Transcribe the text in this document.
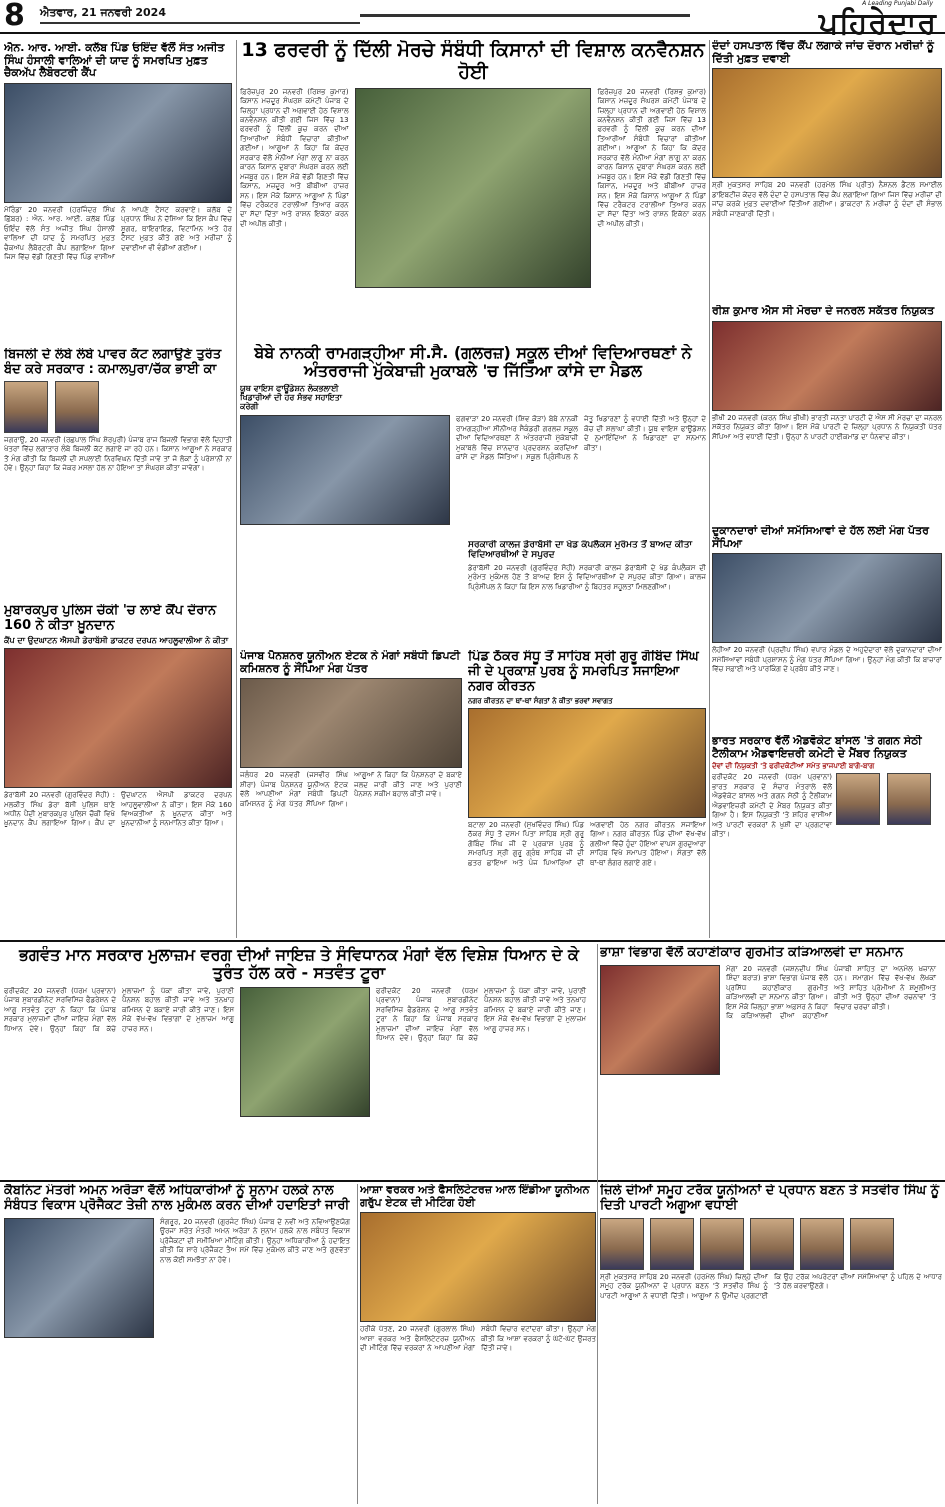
8 ਐਤਵਾਰ, 21 ਜਨਵਰੀ 2024
A Leading Punjabi Daily
ਪਹਿਰੇਦਾਰ
ਐਨ. ਆਰ. ਆਈ. ਕਲੱਬ ਪਿੰਡ ਓਇੰਦ ਵੱਲੋਂ ਸੰਤ ਅਜੀਤ ਸਿੰਘ ਹੰਸਾਲੀ ਵਾਲਿਆਂ ਦੀ ਯਾਦ ਨੂੰ ਸਮਰਪਿਤ ਮੁਫ਼ਤ ਚੈਕਅੱਪ ਲੈਬੋਰਟਰੀ ਕੈਂਪ
ਮੋਰਿੰਡਾ 20 ਜਨਵਰੀ (ਹਰਜਿੰਦਰ ਸਿੰਘ ਛਿੱਬਰ) : ਐਨ. ਆਰ. ਆਈ. ਕਲੱਬ ਪਿੰਡ ਓਇੰਦ ਵੱਲੋਂ ਸੰਤ ਅਜੀਤ ਸਿੰਘ ਹੰਸਾਲੀ ਵਾਲਿਆਂ ਦੀ ਯਾਦ ਨੂੰ ਸਮਰਪਿਤ ਮੁਫ਼ਤ ਚੈਕਅੱਪ ਲੈਬੋਰਟਰੀ ਕੈਂਪ ਲਗਾਇਆ ਗਿਆ ਜਿਸ ਵਿੱਚ ਵੱਡੀ ਗਿਣਤੀ ਵਿੱਚ ਪਿੰਡ ਵਾਸੀਆਂ ਨੇ ਆਪਣੇ ਟੈਸਟ ਕਰਵਾਏ। ਕਲੱਬ ਦੇ ਪ੍ਰਧਾਨ ਸਿੰਘ ਨੇ ਦੱਸਿਆ ਕਿ ਇਸ ਕੈਂਪ ਵਿੱਚ ਸ਼ੂਗਰ, ਥਾਇਰਾਇਡ, ਵਿਟਾਮਿਨ ਅਤੇ ਹੋਰ ਟੈਸਟ ਮੁਫ਼ਤ ਕੀਤੇ ਗਏ ਅਤੇ ਮਰੀਜ਼ਾਂ ਨੂੰ ਦਵਾਈਆਂ ਵੀ ਵੰਡੀਆਂ ਗਈਆਂ।
ਬਿਜਲੀ ਦੇ ਲੰਬੇ ਲੰਬੇ ਪਾਵਰ ਕੱਟ ਲਗਾਉਣੇ ਤੁਰੰਤ ਬੰਦ ਕਰੇ ਸਰਕਾਰ : ਕਮਾਲਪੁਰਾ/ਚੱਕ ਭਾਈ ਕਾ
ਜਗਰਾਉਂ, 20 ਜਨਵਰੀ (ਰਛਪਾਲ ਸਿੰਘ ਸ਼ੇਰਪੁਰੀ) ਪੰਜਾਬ ਰਾਜ ਬਿਜਲੀ ਵਿਭਾਗ ਵੱਲੋਂ ਦਿਹਾਤੀ ਖੇਤਰਾਂ ਵਿੱਚ ਲਗਾਤਾਰ ਲੰਬੇ ਬਿਜਲੀ ਕੱਟ ਲਗਾਏ ਜਾ ਰਹੇ ਹਨ। ਕਿਸਾਨ ਆਗੂਆਂ ਨੇ ਸਰਕਾਰ ਤੋਂ ਮੰਗ ਕੀਤੀ ਕਿ ਬਿਜਲੀ ਦੀ ਸਪਲਾਈ ਨਿਰਵਿਘਨ ਦਿੱਤੀ ਜਾਵੇ ਤਾਂ ਜੋ ਲੋਕਾਂ ਨੂੰ ਪਰੇਸ਼ਾਨੀ ਨਾ ਹੋਵੇ। ਉਨ੍ਹਾਂ ਕਿਹਾ ਕਿ ਜੇਕਰ ਮਸਲਾ ਹੱਲ ਨਾ ਹੋਇਆ ਤਾਂ ਸੰਘਰਸ਼ ਕੀਤਾ ਜਾਵੇਗਾ।
ਮੁਬਾਰਕਪੁਰ ਪੁਲਿਸ ਚੌਕੀ 'ਚ ਲਾਏ ਕੈਂਪ ਦੌਰਾਨ 160 ਨੇ ਕੀਤਾ ਖ਼ੂਨਦਾਨ
ਕੈਂਪ ਦਾ ਉਦਘਾਟਨ ਐਸਪੀ ਡੇਰਾਬੱਸੀ ਡਾਕਟਰ ਦਰਪਨ ਆਹਲੂਵਾਲੀਆ ਨੇ ਕੀਤਾ
ਡੇਰਾਬੱਸੀ 20 ਜਨਵਰੀ (ਗੁਰਵਿੰਦਰ ਸੋਹੀ) : ਮਲਕੀਤ ਸਿੰਘ ਡੇਰਾ ਬੱਸੀ ਪੁਲਿਸ ਥਾਣੇ ਅਧੀਨ ਪੈਂਦੀ ਮੁਬਾਰਕਪੁਰ ਪੁਲਿਸ ਚੌਕੀ ਵਿਖੇ ਖ਼ੂਨਦਾਨ ਕੈਂਪ ਲਗਾਇਆ ਗਿਆ। ਕੈਂਪ ਦਾ ਉਦਘਾਟਨ ਐਸਪੀ ਡਾਕਟਰ ਦਰਪਨ ਆਹਲੂਵਾਲੀਆ ਨੇ ਕੀਤਾ। ਇਸ ਮੌਕੇ 160 ਵਿਅਕਤੀਆਂ ਨੇ ਖ਼ੂਨਦਾਨ ਕੀਤਾ ਅਤੇ ਖ਼ੂਨਦਾਨੀਆਂ ਨੂੰ ਸਨਮਾਨਿਤ ਕੀਤਾ ਗਿਆ।
13 ਫਰਵਰੀ ਨੂੰ ਦਿੱਲੀ ਮੋਰਚੇ ਸੰਬੰਧੀ ਕਿਸਾਨਾਂ ਦੀ ਵਿਸ਼ਾਲ ਕਨਵੈਨਸ਼ਨ ਹੋਈ
ਫ਼ਿਰੋਜ਼ਪੁਰ 20 ਜਨਵਰੀ (ਰਿਸ਼ਭ ਕੁਮਾਰ) ਕਿਸਾਨ ਮਜ਼ਦੂਰ ਸੰਘਰਸ਼ ਕਮੇਟੀ ਪੰਜਾਬ ਦੇ ਜ਼ਿਲ੍ਹਾ ਪ੍ਰਧਾਨ ਦੀ ਅਗਵਾਈ ਹੇਠ ਵਿਸ਼ਾਲ ਕਨਵੈਨਸ਼ਨ ਕੀਤੀ ਗਈ ਜਿਸ ਵਿੱਚ 13 ਫਰਵਰੀ ਨੂੰ ਦਿੱਲੀ ਕੂਚ ਕਰਨ ਦੀਆਂ ਤਿਆਰੀਆਂ ਸੰਬੰਧੀ ਵਿਚਾਰਾਂ ਕੀਤੀਆਂ ਗਈਆਂ। ਆਗੂਆਂ ਨੇ ਕਿਹਾ ਕਿ ਕੇਂਦਰ ਸਰਕਾਰ ਵੱਲੋਂ ਮੰਨੀਆਂ ਮੰਗਾਂ ਲਾਗੂ ਨਾ ਕਰਨ ਕਾਰਨ ਕਿਸਾਨ ਦੁਬਾਰਾ ਸੰਘਰਸ਼ ਕਰਨ ਲਈ ਮਜਬੂਰ ਹਨ। ਇਸ ਮੌਕੇ ਵੱਡੀ ਗਿਣਤੀ ਵਿੱਚ ਕਿਸਾਨ, ਮਜ਼ਦੂਰ ਅਤੇ ਬੀਬੀਆਂ ਹਾਜ਼ਰ ਸਨ। ਇਸ ਮੌਕੇ ਕਿਸਾਨ ਆਗੂਆਂ ਨੇ ਪਿੰਡਾਂ ਵਿੱਚ ਟਰੈਕਟਰ ਟਰਾਲੀਆਂ ਤਿਆਰ ਕਰਨ ਦਾ ਸੱਦਾ ਦਿੱਤਾ ਅਤੇ ਰਾਸ਼ਨ ਇਕੱਠਾ ਕਰਨ ਦੀ ਅਪੀਲ ਕੀਤੀ।
ਫ਼ਿਰੋਜ਼ਪੁਰ 20 ਜਨਵਰੀ (ਰਿਸ਼ਭ ਕੁਮਾਰ) ਕਿਸਾਨ ਮਜ਼ਦੂਰ ਸੰਘਰਸ਼ ਕਮੇਟੀ ਪੰਜਾਬ ਦੇ ਜ਼ਿਲ੍ਹਾ ਪ੍ਰਧਾਨ ਦੀ ਅਗਵਾਈ ਹੇਠ ਵਿਸ਼ਾਲ ਕਨਵੈਨਸ਼ਨ ਕੀਤੀ ਗਈ ਜਿਸ ਵਿੱਚ 13 ਫਰਵਰੀ ਨੂੰ ਦਿੱਲੀ ਕੂਚ ਕਰਨ ਦੀਆਂ ਤਿਆਰੀਆਂ ਸੰਬੰਧੀ ਵਿਚਾਰਾਂ ਕੀਤੀਆਂ ਗਈਆਂ। ਆਗੂਆਂ ਨੇ ਕਿਹਾ ਕਿ ਕੇਂਦਰ ਸਰਕਾਰ ਵੱਲੋਂ ਮੰਨੀਆਂ ਮੰਗਾਂ ਲਾਗੂ ਨਾ ਕਰਨ ਕਾਰਨ ਕਿਸਾਨ ਦੁਬਾਰਾ ਸੰਘਰਸ਼ ਕਰਨ ਲਈ ਮਜਬੂਰ ਹਨ। ਇਸ ਮੌਕੇ ਵੱਡੀ ਗਿਣਤੀ ਵਿੱਚ ਕਿਸਾਨ, ਮਜ਼ਦੂਰ ਅਤੇ ਬੀਬੀਆਂ ਹਾਜ਼ਰ ਸਨ। ਇਸ ਮੌਕੇ ਕਿਸਾਨ ਆਗੂਆਂ ਨੇ ਪਿੰਡਾਂ ਵਿੱਚ ਟਰੈਕਟਰ ਟਰਾਲੀਆਂ ਤਿਆਰ ਕਰਨ ਦਾ ਸੱਦਾ ਦਿੱਤਾ ਅਤੇ ਰਾਸ਼ਨ ਇਕੱਠਾ ਕਰਨ ਦੀ ਅਪੀਲ ਕੀਤੀ।
ਬੇਬੇ ਨਾਨਕੀ ਰਾਮਗੜ੍ਹੀਆ ਸੀ.ਸੈ. (ਗਲਰਜ਼) ਸਕੂਲ ਦੀਆਂ ਵਿਦਿਆਰਥਣਾਂ ਨੇ ਅੰਤਰਰਾਜੀ ਮੁੱਕੇਬਾਜ਼ੀ ਮੁਕਾਬਲੇ 'ਚ ਜਿੱਤਿਆ ਕਾਂਸੇ ਦਾ ਮੈਡਲ
ਯੂਥ ਵਾਇਸ ਫਾਊਂਡੇਸ਼ਨ ਲੋਕਭਲਾਈ ਖਿਡਾਰੀਆਂ ਦੀ ਹਰ ਸੰਭਵ ਸਹਾਇਤਾ ਕਰੇਗੀ
ਫਗਵਾੜਾ 20 ਜਨਵਰੀ (ਸ਼ਿਵ ਕੋੜਾ) ਬੇਬੇ ਨਾਨਕੀ ਰਾਮਗੜ੍ਹੀਆ ਸੀਨੀਅਰ ਸੈਕੰਡਰੀ ਗਰਲਜ਼ ਸਕੂਲ ਦੀਆਂ ਵਿਦਿਆਰਥਣਾਂ ਨੇ ਅੰਤਰਰਾਜੀ ਮੁੱਕੇਬਾਜ਼ੀ ਮੁਕਾਬਲੇ ਵਿੱਚ ਸ਼ਾਨਦਾਰ ਪ੍ਰਦਰਸ਼ਨ ਕਰਦਿਆਂ ਕਾਂਸੇ ਦਾ ਮੈਡਲ ਜਿੱਤਿਆ। ਸਕੂਲ ਪ੍ਰਿੰਸੀਪਲ ਨੇ ਜੇਤੂ ਖਿਡਾਰਣਾਂ ਨੂੰ ਵਧਾਈ ਦਿੱਤੀ ਅਤੇ ਉਨ੍ਹਾਂ ਦੇ ਕੋਚ ਦੀ ਸ਼ਲਾਘਾ ਕੀਤੀ। ਯੂਥ ਵਾਇਸ ਫਾਊਂਡੇਸ਼ਨ ਦੇ ਨੁਮਾਇੰਦਿਆਂ ਨੇ ਖਿਡਾਰਣਾਂ ਦਾ ਸਨਮਾਨ ਕੀਤਾ।
ਦੰਦਾਂ ਹਸਪਤਾਲ ਵਿੱਚ ਕੈਂਪ ਲਗਾਕੇ ਜਾਂਚ ਦੌਰਾਨ ਮਰੀਜ਼ਾਂ ਨੂੰ ਦਿੱਤੀ ਮੁਫ਼ਤ ਦਵਾਈ
ਸ਼੍ਰੀ ਮੁਕਤਸਰ ਸਾਹਿਬ 20 ਜਨਵਰੀ (ਹਰਮੇਲ ਸਿੰਘ ਪ੍ਰੀਤ) ਨੈਸ਼ਨਲ ਡੈਂਟਲ ਸਮਾਈਲ ਡਾਇਬਟੀਜ਼ ਕੇਂਦਰ ਵੱਲੋਂ ਦੰਦਾਂ ਦੇ ਹਸਪਤਾਲ ਵਿੱਚ ਕੈਂਪ ਲਗਾਇਆ ਗਿਆ ਜਿਸ ਵਿੱਚ ਮਰੀਜ਼ਾਂ ਦੀ ਜਾਂਚ ਕਰਕੇ ਮੁਫ਼ਤ ਦਵਾਈਆਂ ਦਿੱਤੀਆਂ ਗਈਆਂ। ਡਾਕਟਰਾਂ ਨੇ ਮਰੀਜ਼ਾਂ ਨੂੰ ਦੰਦਾਂ ਦੀ ਸੰਭਾਲ ਸਬੰਧੀ ਜਾਣਕਾਰੀ ਦਿੱਤੀ।
ਰੀਸ਼ ਕੁਮਾਰ ਐਸ ਸੀ ਮੋਰਚਾ ਦੇ ਜਨਰਲ ਸਕੱਤਰ ਨਿਯੁਕਤ
ਭੀਖੀ 20 ਜਨਵਰੀ (ਕਰਨ ਸਿੰਘ ਭੀਖੀ) ਭਾਰਤੀ ਜਨਤਾ ਪਾਰਟੀ ਦੇ ਐਸ ਸੀ ਮੋਰਚਾ ਦਾ ਜਨਰਲ ਸਕੱਤਰ ਨਿਯੁਕਤ ਕੀਤਾ ਗਿਆ। ਇਸ ਮੌਕੇ ਪਾਰਟੀ ਦੇ ਜ਼ਿਲ੍ਹਾ ਪ੍ਰਧਾਨ ਨੇ ਨਿਯੁਕਤੀ ਪੱਤਰ ਸੌਂਪਿਆ ਅਤੇ ਵਧਾਈ ਦਿੱਤੀ। ਉਨ੍ਹਾਂ ਨੇ ਪਾਰਟੀ ਹਾਈਕਮਾਂਡ ਦਾ ਧੰਨਵਾਦ ਕੀਤਾ।
ਦੁਕਾਨਦਾਰਾਂ ਦੀਆਂ ਸਮੱਸਿਆਵਾਂ ਦੇ ਹੱਲ ਲਈ ਮੰਗ ਪੱਤਰ ਸੌਂਪਿਆ
ਲੋਹੀਆਂ 20 ਜਨਵਰੀ (ਪ੍ਰਦੀਪ ਸਿੰਘ) ਵਪਾਰ ਮੰਡਲ ਦੇ ਅਹੁਦੇਦਾਰਾਂ ਵੱਲੋਂ ਦੁਕਾਨਦਾਰਾਂ ਦੀਆਂ ਸਮੱਸਿਆਵਾਂ ਸਬੰਧੀ ਪ੍ਰਸ਼ਾਸਨ ਨੂੰ ਮੰਗ ਪੱਤਰ ਸੌਂਪਿਆ ਗਿਆ। ਉਨ੍ਹਾਂ ਮੰਗ ਕੀਤੀ ਕਿ ਬਾਜ਼ਾਰਾਂ ਵਿੱਚ ਸਫ਼ਾਈ ਅਤੇ ਪਾਰਕਿੰਗ ਦੇ ਪ੍ਰਬੰਧ ਕੀਤੇ ਜਾਣ।
ਭਾਰਤ ਸਰਕਾਰ ਵੱਲੋਂ ਐਡਵੋਕੇਟ ਬਾਂਸਲ 'ਤੇ ਗਗਨ ਸੇਠੀ ਟੈਲੀਕਾਮ ਐਡਵਾਇਜ਼ਰੀ ਕਮੇਟੀ ਦੇ ਮੈਂਬਰ ਨਿਯੁਕਤ
ਦੋਵਾਂ ਦੀ ਨਿਯੁਕਤੀ 'ਤੇ ਫਰੀਦਕੋਟੀਆਂ ਸਮੇਤ ਭਾਜਪਾਈ ਬਾਗੋ-ਬਾਗ
ਫਰੀਦਕੋਟ 20 ਜਨਵਰੀ (ਧਰਮ ਪ੍ਰਵਾਨਾ) ਭਾਰਤ ਸਰਕਾਰ ਦੇ ਸੰਚਾਰ ਮੰਤਰਾਲੇ ਵੱਲੋਂ ਐਡਵੋਕੇਟ ਬਾਂਸਲ ਅਤੇ ਗਗਨ ਸੇਠੀ ਨੂੰ ਟੈਲੀਕਾਮ ਐਡਵਾਇਜ਼ਰੀ ਕਮੇਟੀ ਦੇ ਮੈਂਬਰ ਨਿਯੁਕਤ ਕੀਤਾ ਗਿਆ ਹੈ। ਇਸ ਨਿਯੁਕਤੀ 'ਤੇ ਸ਼ਹਿਰ ਵਾਸੀਆਂ ਅਤੇ ਪਾਰਟੀ ਵਰਕਰਾਂ ਨੇ ਖੁਸ਼ੀ ਦਾ ਪ੍ਰਗਟਾਵਾ ਕੀਤਾ।
ਪੰਜਾਬ ਪੈਨਸ਼ਨਰ ਯੂਨੀਅਨ ਏਟਕ ਨੇ ਮੰਗਾਂ ਸਬੰਧੀ ਡਿਪਟੀ ਕਮਿਸ਼ਨਰ ਨੂੰ ਸੌਂਪਿਆ ਮੰਗ ਪੱਤਰ
ਜਲੰਧਰ 20 ਜਨਵਰੀ (ਜਸਵੀਰ ਸਿੰਘ ਸ਼ੀਰਾ) ਪੰਜਾਬ ਪੈਨਸ਼ਨਰ ਯੂਨੀਅਨ ਏਟਕ ਵੱਲੋਂ ਆਪਣੀਆਂ ਮੰਗਾਂ ਸਬੰਧੀ ਡਿਪਟੀ ਕਮਿਸ਼ਨਰ ਨੂੰ ਮੰਗ ਪੱਤਰ ਸੌਂਪਿਆ ਗਿਆ। ਆਗੂਆਂ ਨੇ ਕਿਹਾ ਕਿ ਪੈਨਸ਼ਨਰਾਂ ਦੇ ਬਕਾਏ ਜਲਦ ਜਾਰੀ ਕੀਤੇ ਜਾਣ ਅਤੇ ਪੁਰਾਣੀ ਪੈਨਸ਼ਨ ਸਕੀਮ ਬਹਾਲ ਕੀਤੀ ਜਾਵੇ।
ਪਿੰਡ ਠੱਕਰ ਸੰਧੂ ਤੋਂ ਸਾਹਿਬ ਸ੍ਰੀ ਗੁਰੂ ਗੋਬਿੰਦ ਸਿੰਘ ਜੀ ਦੇ ਪ੍ਰਕਾਸ਼ ਪੁਰਬ ਨੂੰ ਸਮਰਪਿਤ ਸਜਾਇਆ ਨਗਰ ਕੀਰਤਨ
ਨਗਰ ਕੀਰਤਨ ਦਾ ਥਾਂ-ਥਾਂ ਸੰਗਤਾਂ ਨੇ ਕੀਤਾ ਭਰਵਾਂ ਸਵਾਗਤ
ਬਟਾਲਾ 20 ਜਨਵਰੀ (ਸੁਖਵਿੰਦਰ ਸਿੰਘ) ਪਿੰਡ ਠੱਕਰ ਸੰਧੂ ਤੋਂ ਦਸਮ ਪਿਤਾ ਸਾਹਿਬ ਸ੍ਰੀ ਗੁਰੂ ਗੋਬਿੰਦ ਸਿੰਘ ਜੀ ਦੇ ਪ੍ਰਕਾਸ਼ ਪੁਰਬ ਨੂੰ ਸਮਰਪਿਤ ਸ੍ਰੀ ਗੁਰੂ ਗ੍ਰੰਥ ਸਾਹਿਬ ਜੀ ਦੀ ਛਤਰ ਛਾਇਆ ਅਤੇ ਪੰਜ ਪਿਆਰਿਆਂ ਦੀ ਅਗਵਾਈ ਹੇਠ ਨਗਰ ਕੀਰਤਨ ਸਜਾਇਆ ਗਿਆ। ਨਗਰ ਕੀਰਤਨ ਪਿੰਡ ਦੀਆਂ ਵੱਖ-ਵੱਖ ਗਲੀਆਂ ਵਿੱਚੋਂ ਹੁੰਦਾ ਹੋਇਆ ਵਾਪਸ ਗੁਰਦੁਆਰਾ ਸਾਹਿਬ ਵਿਖੇ ਸਮਾਪਤ ਹੋਇਆ। ਸੰਗਤਾਂ ਵੱਲੋਂ ਥਾਂ-ਥਾਂ ਲੰਗਰ ਲਗਾਏ ਗਏ।
ਭਗਵੰਤ ਮਾਨ ਸਰਕਾਰ ਮੁਲਾਜ਼ਮ ਵਰਗ ਦੀਆਂ ਜਾਇਜ਼ ਤੇ ਸੰਵਿਧਾਨਕ ਮੰਗਾਂ ਵੱਲ ਵਿਸ਼ੇਸ਼ ਧਿਆਨ ਦੇ ਕੇ ਤੁਰੰਤ ਹੱਲ ਕਰੇ - ਸਤਵੰਤ ਟੂਰਾ
ਫਰੀਦਕੋਟ 20 ਜਨਵਰੀ (ਧਰਮ ਪ੍ਰਵਾਨਾ) ਪੰਜਾਬ ਸੁਬਾਰਡੀਨੇਟ ਸਰਵਿਸਿਜ਼ ਫੈਡਰੇਸ਼ਨ ਦੇ ਆਗੂ ਸਤਵੰਤ ਟੂਰਾ ਨੇ ਕਿਹਾ ਕਿ ਪੰਜਾਬ ਸਰਕਾਰ ਮੁਲਾਜ਼ਮਾਂ ਦੀਆਂ ਜਾਇਜ਼ ਮੰਗਾਂ ਵੱਲ ਧਿਆਨ ਦੇਵੇ। ਉਨ੍ਹਾਂ ਕਿਹਾ ਕਿ ਕੱਚੇ ਮੁਲਾਜ਼ਮਾਂ ਨੂੰ ਪੱਕਾ ਕੀਤਾ ਜਾਵੇ, ਪੁਰਾਣੀ ਪੈਨਸ਼ਨ ਬਹਾਲ ਕੀਤੀ ਜਾਵੇ ਅਤੇ ਤਨਖ਼ਾਹ ਕਮਿਸ਼ਨ ਦੇ ਬਕਾਏ ਜਾਰੀ ਕੀਤੇ ਜਾਣ। ਇਸ ਮੌਕੇ ਵੱਖ-ਵੱਖ ਵਿਭਾਗਾਂ ਦੇ ਮੁਲਾਜ਼ਮ ਆਗੂ ਹਾਜ਼ਰ ਸਨ।
ਫਰੀਦਕੋਟ 20 ਜਨਵਰੀ (ਧਰਮ ਪ੍ਰਵਾਨਾ) ਪੰਜਾਬ ਸੁਬਾਰਡੀਨੇਟ ਸਰਵਿਸਿਜ਼ ਫੈਡਰੇਸ਼ਨ ਦੇ ਆਗੂ ਸਤਵੰਤ ਟੂਰਾ ਨੇ ਕਿਹਾ ਕਿ ਪੰਜਾਬ ਸਰਕਾਰ ਮੁਲਾਜ਼ਮਾਂ ਦੀਆਂ ਜਾਇਜ਼ ਮੰਗਾਂ ਵੱਲ ਧਿਆਨ ਦੇਵੇ। ਉਨ੍ਹਾਂ ਕਿਹਾ ਕਿ ਕੱਚੇ ਮੁਲਾਜ਼ਮਾਂ ਨੂੰ ਪੱਕਾ ਕੀਤਾ ਜਾਵੇ, ਪੁਰਾਣੀ ਪੈਨਸ਼ਨ ਬਹਾਲ ਕੀਤੀ ਜਾਵੇ ਅਤੇ ਤਨਖ਼ਾਹ ਕਮਿਸ਼ਨ ਦੇ ਬਕਾਏ ਜਾਰੀ ਕੀਤੇ ਜਾਣ। ਇਸ ਮੌਕੇ ਵੱਖ-ਵੱਖ ਵਿਭਾਗਾਂ ਦੇ ਮੁਲਾਜ਼ਮ ਆਗੂ ਹਾਜ਼ਰ ਸਨ।
ਭਾਸ਼ਾ ਵਿਭਾਗ ਵੱਲੋਂ ਕਹਾਣੀਕਾਰ ਗੁਰਮੀਤ ਕੜਿਆਲਵੀ ਦਾ ਸਨਮਾਨ
ਮੋਗਾ 20 ਜਨਵਰੀ (ਜਸ਼ਨਦੀਪ ਸਿੰਘ ਸ਼ਿੰਦਾ ਬਰਾੜ) ਭਾਸ਼ਾ ਵਿਭਾਗ ਪੰਜਾਬ ਵੱਲੋਂ ਪ੍ਰਸਿੱਧ ਕਹਾਣੀਕਾਰ ਗੁਰਮੀਤ ਕੜਿਆਲਵੀ ਦਾ ਸਨਮਾਨ ਕੀਤਾ ਗਿਆ। ਇਸ ਮੌਕੇ ਜ਼ਿਲ੍ਹਾ ਭਾਸ਼ਾ ਅਫ਼ਸਰ ਨੇ ਕਿਹਾ ਕਿ ਕੜਿਆਲਵੀ ਦੀਆਂ ਕਹਾਣੀਆਂ ਪੰਜਾਬੀ ਸਾਹਿਤ ਦਾ ਅਨਮੋਲ ਖ਼ਜ਼ਾਨਾ ਹਨ। ਸਮਾਗਮ ਵਿੱਚ ਵੱਖ-ਵੱਖ ਲੇਖਕਾਂ ਅਤੇ ਸਾਹਿਤ ਪ੍ਰੇਮੀਆਂ ਨੇ ਸ਼ਮੂਲੀਅਤ ਕੀਤੀ ਅਤੇ ਉਨ੍ਹਾਂ ਦੀਆਂ ਰਚਨਾਵਾਂ 'ਤੇ ਵਿਚਾਰ ਚਰਚਾ ਕੀਤੀ।
ਕੈਬਨਿਟ ਮੰਤਰੀ ਅਮਨ ਅਰੋੜਾ ਵੱਲੋਂ ਅਧਿਕਾਰੀਆਂ ਨੂੰ ਸੁਨਾਮ ਹਲਕੇ ਨਾਲ ਸੰਬੰਧਤ ਵਿਕਾਸ ਪ੍ਰੋਜੈਕਟ ਤੇਜ਼ੀ ਨਾਲ ਮੁਕੰਮਲ ਕਰਨ ਦੀਆਂ ਹਦਾਇਤਾਂ ਜਾਰੀ
ਸੰਗਰੂਰ, 20 ਜਨਵਰੀ (ਗੁਰਜੰਟ ਸਿੰਘ) ਪੰਜਾਬ ਦੇ ਨਵੀਂ ਅਤੇ ਨਵਿਆਉਣਯੋਗ ਊਰਜਾ ਸਰੋਤ ਮੰਤਰੀ ਅਮਨ ਅਰੋੜਾ ਨੇ ਸੁਨਾਮ ਹਲਕੇ ਨਾਲ ਸਬੰਧਤ ਵਿਕਾਸ ਪ੍ਰੋਜੈਕਟਾਂ ਦੀ ਸਮੀਖਿਆ ਮੀਟਿੰਗ ਕੀਤੀ। ਉਨ੍ਹਾਂ ਅਧਿਕਾਰੀਆਂ ਨੂੰ ਹਦਾਇਤ ਕੀਤੀ ਕਿ ਸਾਰੇ ਪ੍ਰੋਜੈਕਟ ਤੈਅ ਸਮੇਂ ਵਿੱਚ ਮੁਕੰਮਲ ਕੀਤੇ ਜਾਣ ਅਤੇ ਗੁਣਵੱਤਾ ਨਾਲ ਕੋਈ ਸਮਝੌਤਾ ਨਾ ਹੋਵੇ।
ਆਸ਼ਾ ਵਰਕਰ ਅਤੇ ਫੈਸਲਿਟੇਟਰਜ਼ ਆਲ ਇੰਡੀਆ ਯੂਨੀਅਨ ਗਰੁੱਪ ਏਟਕ ਦੀ ਮੀਟਿੰਗ ਹੋਈ
ਹਰੀਕੇ ਪੱਤਣ, 20 ਜਨਵਰੀ (ਗੁਰਲਾਲ ਸਿੰਘ) ਆਸ਼ਾ ਵਰਕਰ ਅਤੇ ਫੈਸਲਿਟੇਟਰਜ਼ ਯੂਨੀਅਨ ਦੀ ਮੀਟਿੰਗ ਵਿੱਚ ਵਰਕਰਾਂ ਨੇ ਆਪਣੀਆਂ ਮੰਗਾਂ ਸਬੰਧੀ ਵਿਚਾਰ ਵਟਾਂਦਰਾ ਕੀਤਾ। ਉਨ੍ਹਾਂ ਮੰਗ ਕੀਤੀ ਕਿ ਆਸ਼ਾ ਵਰਕਰਾਂ ਨੂੰ ਘੱਟੋ-ਘੱਟ ਉਜਰਤ ਦਿੱਤੀ ਜਾਵੇ।
ਜ਼ਿਲੇ ਦੀਆਂ ਸਮੂਹ ਟਰੱਕ ਯੂਨੀਅਨਾਂ ਦੇ ਪ੍ਰਧਾਨ ਬਣਨ ਤੇ ਸਤਵੀਰ ਸਿੰਘ ਨੂੰ ਦਿਤੀ ਪਾਰਟੀ ਅਗੂਆ ਵਧਾਈ
ਸ੍ਰੀ ਮੁਕਤਸਰ ਸਾਹਿਬ 20 ਜਨਵਰੀ (ਹਰਮੇਲ ਸਿੰਘ) ਜ਼ਿਲ੍ਹੇ ਦੀਆਂ ਸਮੂਹ ਟਰੱਕ ਯੂਨੀਅਨਾਂ ਦੇ ਪ੍ਰਧਾਨ ਬਣਨ 'ਤੇ ਸਤਵੀਰ ਸਿੰਘ ਨੂੰ ਪਾਰਟੀ ਆਗੂਆਂ ਨੇ ਵਧਾਈ ਦਿੱਤੀ। ਆਗੂਆਂ ਨੇ ਉਮੀਦ ਪ੍ਰਗਟਾਈ ਕਿ ਉਹ ਟਰੱਕ ਅਪਰੇਟਰਾਂ ਦੀਆਂ ਸਮੱਸਿਆਵਾਂ ਨੂੰ ਪਹਿਲ ਦੇ ਆਧਾਰ 'ਤੇ ਹੱਲ ਕਰਵਾਉਣਗੇ।
ਸਰਕਾਰੀ ਕਾਲਜ ਡੇਰਾਬੱਸੀ ਦਾ ਖੇਡ ਕੰਪਲੈਕਸ ਮੁਰੰਮਤ ਤੋਂ ਬਾਅਦ ਕੀਤਾ ਵਿਦਿਆਰਥੀਆਂ ਦੇ ਸਪੁਰਦ
ਡੇਰਾਬੱਸੀ 20 ਜਨਵਰੀ (ਗੁਰਵਿੰਦਰ ਸੋਹੀ) ਸਰਕਾਰੀ ਕਾਲਜ ਡੇਰਾਬੱਸੀ ਦੇ ਖੇਡ ਕੰਪਲੈਕਸ ਦੀ ਮੁਰੰਮਤ ਮੁਕੰਮਲ ਹੋਣ ਤੋਂ ਬਾਅਦ ਇਸ ਨੂੰ ਵਿਦਿਆਰਥੀਆਂ ਦੇ ਸਪੁਰਦ ਕੀਤਾ ਗਿਆ। ਕਾਲਜ ਪ੍ਰਿੰਸੀਪਲ ਨੇ ਕਿਹਾ ਕਿ ਇਸ ਨਾਲ ਖਿਡਾਰੀਆਂ ਨੂੰ ਬਿਹਤਰ ਸਹੂਲਤਾਂ ਮਿਲਣਗੀਆਂ।
